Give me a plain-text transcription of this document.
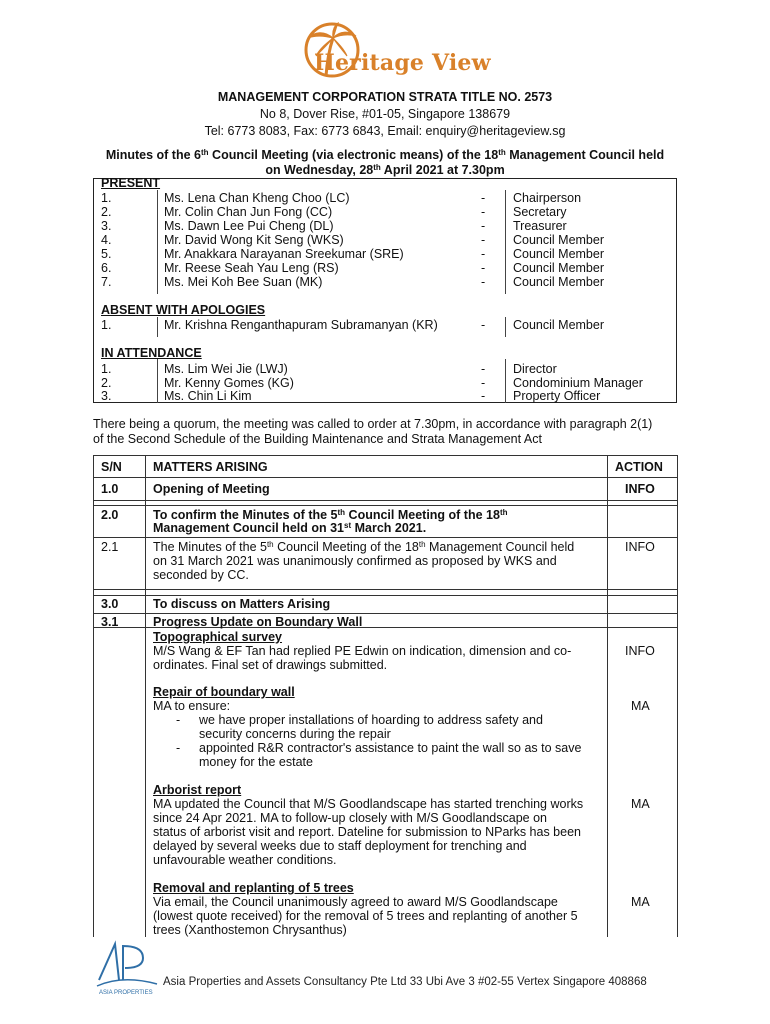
Heritage View
MANAGEMENT CORPORATION STRATA TITLE NO. 2573
No 8, Dover Rise, #01-05, Singapore 138679
Tel: 6773 8083, Fax: 6773 6843, Email: enquiry@heritageview.sg
Minutes of the 6th Council Meeting (via electronic means) of the 18th Management Council held
on Wednesday, 28th April 2021 at 7.30pm
PRESENT
1.	Ms. Lena Chan Kheng Choo (LC)	- Chairperson
2.	Mr. Colin Chan Jun Fong (CC)	- Secretary
3.	Ms. Dawn Lee Pui Cheng (DL)	- Treasurer
4.	Mr. David Wong Kit Seng (WKS)	- Council Member
5.	Mr. Anakkara Narayanan Sreekumar (SRE)	- Council Member
6.	Mr. Reese Seah Yau Leng (RS)	- Council Member
7.	Ms. Mei Koh Bee Suan (MK)	- Council Member
ABSENT WITH APOLOGIES
1.	Mr. Krishna Renganthapuram Subramanyan (KR)	- Council Member
IN ATTENDANCE
1.	Ms. Lim Wei Jie (LWJ)	- Director
2.	Mr. Kenny Gomes (KG)	- Condominium Manager
3.	Ms. Chin Li Kim	- Property Officer
There being a quorum, the meeting was called to order at 7.30pm, in accordance with paragraph 2(1)
of the Second Schedule of the Building Maintenance and Strata Management Act
S/N MATTERS ARISING	ACTION
1.0	Opening of Meeting	INFO
2.0	To confirm the Minutes of the 5th Council Meeting of the 18th
Management Council held on 31st March 2021.
2.1	The Minutes of the 5th Council Meeting of the 18th Management Council held
on 31 March 2021 was unanimously confirmed as proposed by WKS and
seconded by CC.
INFO
3.0	To discuss on Matters Arising
3.1	Progress Update on Boundary Wall
Topographical survey
M/S Wang & EF Tan had replied PE Edwin on indication, dimension and co-
ordinates. Final set of drawings submitted.
INFO
Repair of boundary wall
MA to ensure:
- we have proper installations of hoarding to address safety and
security concerns during the repair
- appointed R&R contractor's assistance to paint the wall so as to save
money for the estate
MA
Arborist report
MA updated the Council that M/S Goodlandscape has started trenching works
since 24 Apr 2021. MA to follow-up closely with M/S Goodlandscape on
status of arborist visit and report. Dateline for submission to NParks has been
delayed by several weeks due to staff deployment for trenching and
unfavourable weather conditions.
MA
Removal and replanting of 5 trees
Via email, the Council unanimously agreed to award M/S Goodlandscape
(lowest quote received) for the removal of 5 trees and replanting of another 5
trees (Xanthostemon Chrysanthus)
MA
ASIA PROPERTIES
Asia Properties and Assets Consultancy Pte Ltd 33 Ubi Ave 3 #02-55 Vertex Singapore 408868
